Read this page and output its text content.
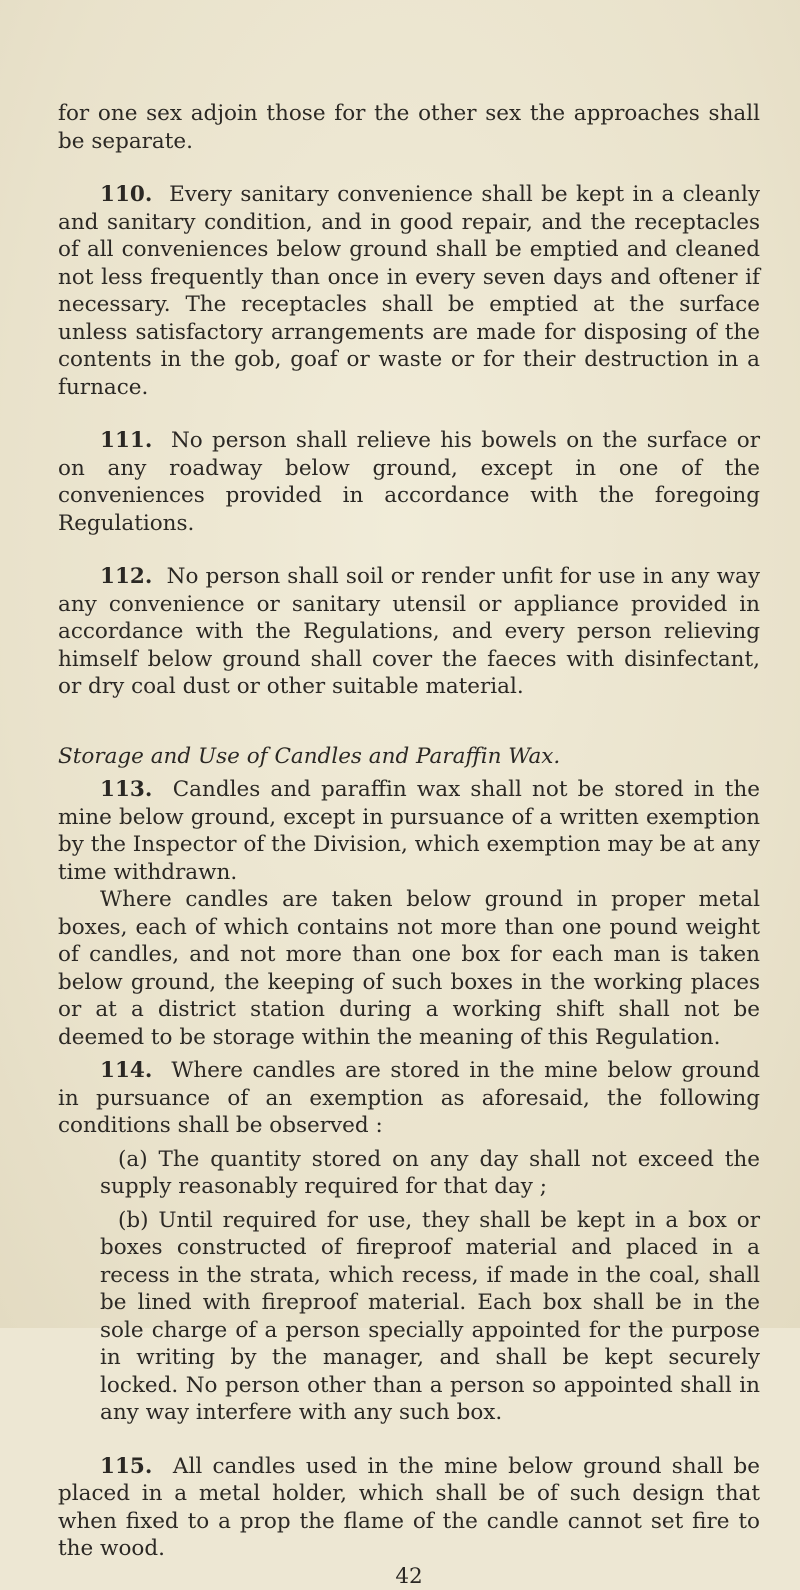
for one sex adjoin those for the other sex the approaches shall be separate.

110. Every sanitary convenience shall be kept in a cleanly and sanitary condition, and in good repair, and the receptacles of all conveniences below ground shall be emptied and cleaned not less frequently than once in every seven days and oftener if necessary. The receptacles shall be emptied at the surface unless satisfactory arrangements are made for disposing of the contents in the gob, goaf or waste or for their destruction in a furnace.

111. No person shall relieve his bowels on the surface or on any roadway below ground, except in one of the conveniences provided in accordance with the foregoing Regulations.

112. No person shall soil or render unfit for use in any way any convenience or sanitary utensil or appliance provided in accordance with the Regulations, and every person relieving himself below ground shall cover the faeces with disinfectant, or dry coal dust or other suitable material.

Storage and Use of Candles and Paraffin Wax.

113. Candles and paraffin wax shall not be stored in the mine below ground, except in pursuance of a written exemption by the Inspector of the Division, which exemption may be at any time withdrawn.

Where candles are taken below ground in proper metal boxes, each of which contains not more than one pound weight of candles, and not more than one box for each man is taken below ground, the keeping of such boxes in the working places or at a district station during a working shift shall not be deemed to be storage within the meaning of this Regulation.

114. Where candles are stored in the mine below ground in pursuance of an exemption as aforesaid, the following conditions shall be observed :

(a) The quantity stored on any day shall not exceed the supply reasonably required for that day ;

(b) Until required for use, they shall be kept in a box or boxes constructed of fireproof material and placed in a recess in the strata, which recess, if made in the coal, shall be lined with fireproof material. Each box shall be in the sole charge of a person specially appointed for the purpose in writing by the manager, and shall be kept securely locked. No person other than a person so appointed shall in any way interfere with any such box.

115. All candles used in the mine below ground shall be placed in a metal holder, which shall be of such design that when fixed to a prop the flame of the candle cannot set fire to the wood.

42
